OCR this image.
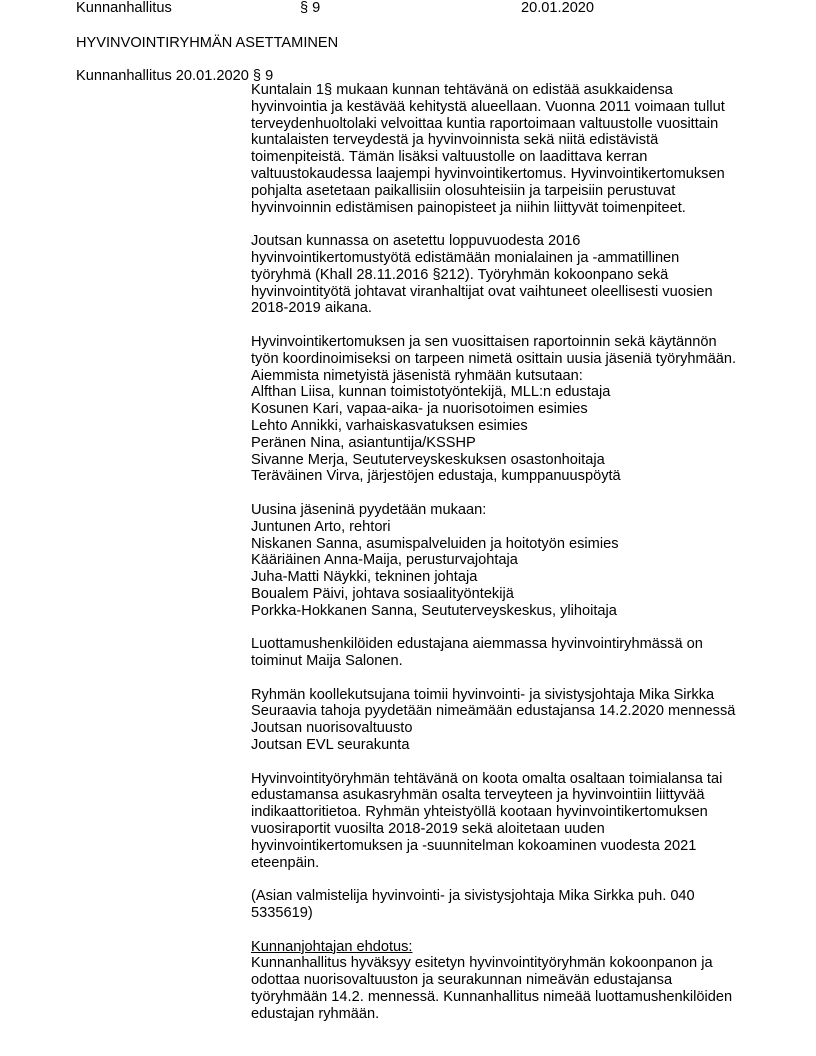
Kunnanhallitus	§ 9	20.01.2020
HYVINVOINTIRYHMÄN ASETTAMINEN
Kunnanhallitus 20.01.2020 § 9
Kuntalain 1§ mukaan kunnan tehtävänä on edistää asukkaidensa
hyvinvointia ja kestävää kehitystä alueellaan. Vuonna 2011 voimaan tullut
terveydenhuoltolaki velvoittaa kuntia raportoimaan valtuustolle vuosittain
kuntalaisten terveydestä ja hyvinvoinnista sekä niitä edistävistä
toimenpiteistä. Tämän lisäksi valtuustolle on laadittava kerran
valtuustokaudessa laajempi hyvinvointikertomus. Hyvinvointikertomuksen
pohjalta asetetaan paikallisiin olosuhteisiin ja tarpeisiin perustuvat
hyvinvoinnin edistämisen painopisteet ja niihin liittyvät toimenpiteet.
Joutsan kunnassa on asetettu loppuvuodesta 2016
hyvinvointikertomustyötä edistämään monialainen ja -ammatillinen
työryhmä (Khall 28.11.2016 §212). Työryhmän kokoonpano sekä
hyvinvointityötä johtavat viranhaltijat ovat vaihtuneet oleellisesti vuosien
2018-2019 aikana.
Hyvinvointikertomuksen ja sen vuosittaisen raportoinnin sekä käytännön
työn koordinoimiseksi on tarpeen nimetä osittain uusia jäseniä työryhmään.
Aiemmista nimetyistä jäsenistä ryhmään kutsutaan:
Alfthan Liisa, kunnan toimistotyöntekijä, MLL:n edustaja
Kosunen Kari, vapaa-aika- ja nuorisotoimen esimies
Lehto Annikki, varhaiskasvatuksen esimies
Peränen Nina, asiantuntija/KSSHP
Sivanne Merja, Seututerveyskeskuksen osastonhoitaja
Teräväinen Virva, järjestöjen edustaja, kumppanuuspöytä
Uusina jäseninä pyydetään mukaan:
Juntunen Arto, rehtori
Niskanen Sanna, asumispalveluiden ja hoitotyön esimies
Kääriäinen Anna-Maija, perusturvajohtaja
Juha-Matti Näykki, tekninen johtaja
Boualem Päivi, johtava sosiaalityöntekijä
Porkka-Hokkanen Sanna, Seututerveyskeskus, ylihoitaja
Luottamushenkilöiden edustajana aiemmassa hyvinvointiryhmässä on
toiminut Maija Salonen.
Ryhmän koollekutsujana toimii hyvinvointi- ja sivistysjohtaja Mika Sirkka
Seuraavia tahoja pyydetään nimeämään edustajansa 14.2.2020 mennessä
Joutsan nuorisovaltuusto
Joutsan EVL seurakunta
Hyvinvointityöryhmän tehtävänä on koota omalta osaltaan toimialansa tai
edustamansa asukasryhmän osalta terveyteen ja hyvinvointiin liittyvää
indikaattoritietoa. Ryhmän yhteistyöllä kootaan hyvinvointikertomuksen
vuosiraportit vuosilta 2018-2019 sekä aloitetaan uuden
hyvinvointikertomuksen ja -suunnitelman kokoaminen vuodesta 2021
eteenpäin.
(Asian valmistelija hyvinvointi- ja sivistysjohtaja Mika Sirkka puh. 040
5335619)
Kunnanjohtajan ehdotus:
Kunnanhallitus hyväksyy esitetyn hyvinvointityöryhmän kokoonpanon ja
odottaa nuorisovaltuuston ja seurakunnan nimeävän edustajansa
työryhmään 14.2. mennessä. Kunnanhallitus nimeää luottamushenkilöiden
edustajan ryhmään.
